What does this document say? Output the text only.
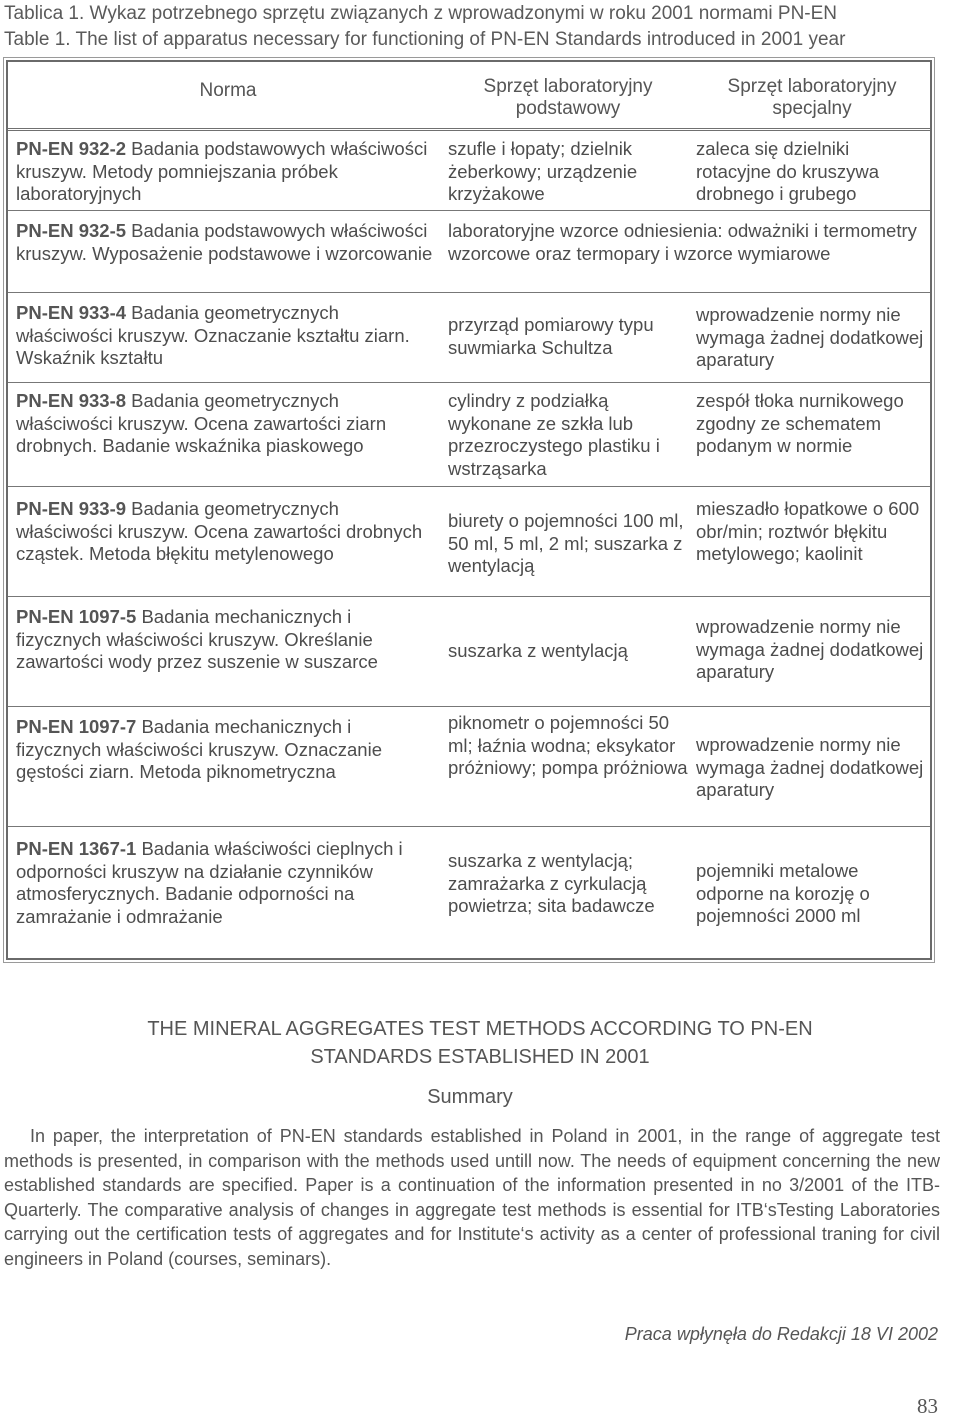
Tablica 1. Wykaz potrzebnego sprzętu związanych z wprowadzonymi w roku 2001 normami PN-EN
Table 1. The list of apparatus necessary for functioning of PN-EN Standards introduced in 2001 year
Norma	Sprzęt laboratoryjny podstawowy
Sprzęt laboratoryjny specjalny
PN-EN 932-2 Badania podstawowych właściwości kruszyw. Metody pomniejszania próbek laboratoryjnych
szufle i łopaty; dzielnik żeberkowy; urządzenie krzyżakowe
zaleca się dzielniki rotacyjne do kruszywa drobnego i grubego
PN-EN 932-5 Badania podstawowych właściwości kruszyw. Wyposażenie podstawowe i wzorcowanie
laboratoryjne wzorce odniesienia: odważniki i termometry wzorcowe oraz termopary i wzorce wymiarowe
PN-EN 933-4 Badania geometrycznych właściwości kruszyw. Oznaczanie kształtu ziarn. Wskaźnik kształtu
przyrząd pomiarowy typu suwmiarka Schultza
wprowadzenie normy nie wymaga żadnej dodatkowej aparatury
PN-EN 933-8 Badania geometrycznych właściwości kruszyw. Ocena zawartości ziarn drobnych. Badanie wskaźnika piaskowego
cylindry z podziałką wykonane ze szkła lub przezroczystego plastiku i wstrząsarka
zespół tłoka nurnikowego zgodny ze schematem podanym w normie
PN-EN 933-9 Badania geometrycznych właściwości kruszyw. Ocena zawartości drobnych cząstek. Metoda błękitu metylenowego
biurety o pojemności 100 ml, 50 ml, 5 ml, 2 ml; suszarka z wentylacją
mieszadło łopatkowe o 600 obr/min; roztwór błękitu metylowego; kaolinit
PN-EN 1097-5 Badania mechanicznych i fizycznych właściwości kruszyw. Określanie zawartości wody przez suszenie w suszarce
suszarka z wentylacją
wprowadzenie normy nie wymaga żadnej dodatkowej aparatury
PN-EN 1097-7 Badania mechanicznych i fizycznych właściwości kruszyw. Oznaczanie gęstości ziarn. Metoda piknometryczna
piknometr o pojemności 50 ml; łaźnia wodna; eksykator próżniowy; pompa próżniowa
wprowadzenie normy nie wymaga żadnej dodatkowej aparatury
PN-EN 1367-1 Badania właściwości cieplnych i odporności kruszyw na działanie czynników atmosferycznych. Badanie odporności na zamrażanie i odmrażanie
suszarka z wentylacją; zamrażarka z cyrkulacją powietrza; sita badawcze
pojemniki metalowe odporne na korozję o pojemności 2000 ml
THE MINERAL AGGREGATES TEST METHODS ACCORDING TO PN-EN
STANDARDS ESTABLISHED IN 2001
Summary
In paper, the interpretation of PN-EN standards established in Poland in 2001, in the range of aggregate test methods is presented, in comparison with the methods used untill now. The needs of equipment concerning the new established standards are specified. Paper is a continuation of the information presented in no 3/2001 of the ITB- Quarterly. The comparative analysis of changes in aggregate test methods is essential for ITB‘sTesting Laboratories carrying out the certification tests of aggregates and for Institute‘s activity as a center of professional traning for civil engineers in Poland (courses, seminars).
Praca wpłynęła do Redakcji 18 VI 2002
83
